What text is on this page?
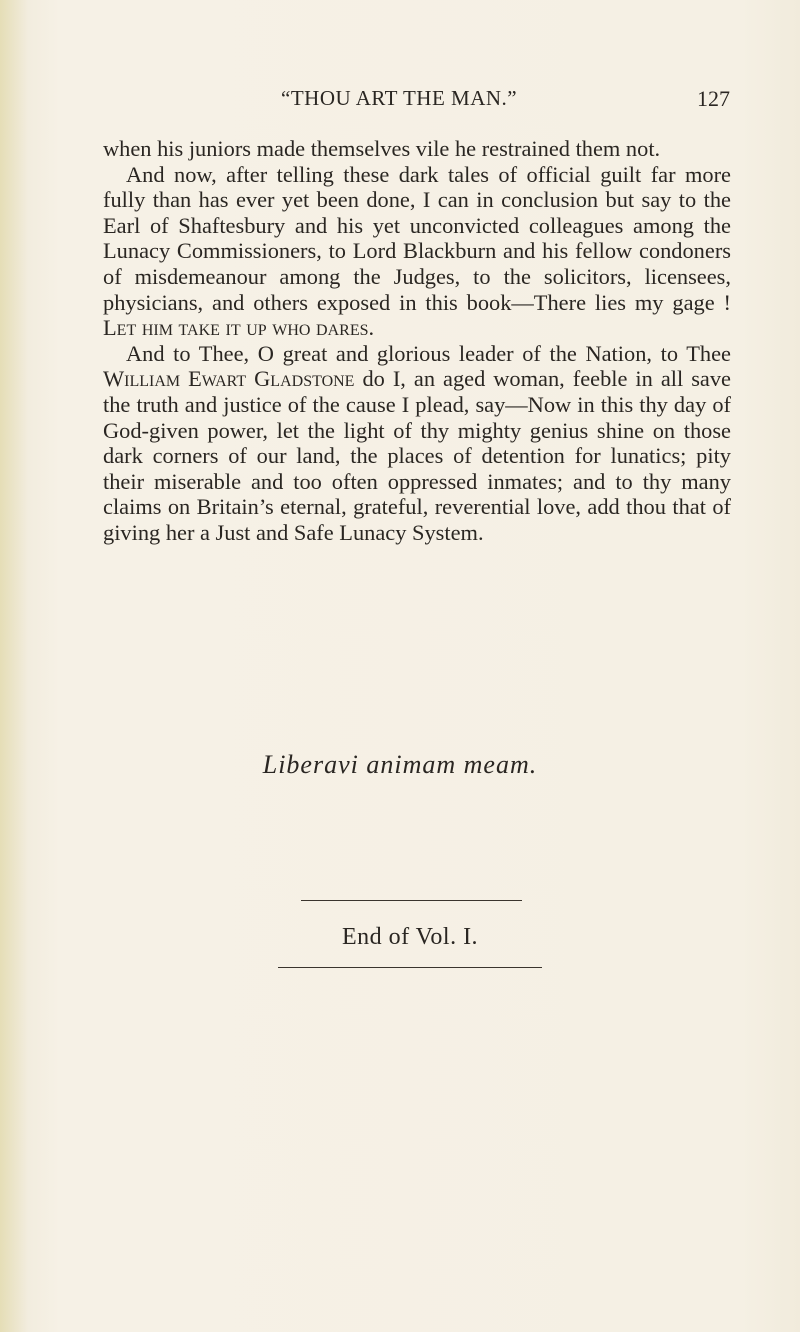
“THOU ART THE MAN.”	127

when his juniors made themselves vile he restrained them not.

And now, after telling these dark tales of official guilt far more fully than has ever yet been done, I can in conclusion but say to the Earl of Shaftesbury and his yet unconvicted colleagues among the Lunacy Commissioners, to Lord Blackburn and his fellow condoners of misdemeanour among the Judges, to the solicitors, licensees, physicians, and others exposed in this book—There lies my gage ! Let him take it up who dares.

And to Thee, O great and glorious leader of the Nation, to Thee William Ewart Gladstone do I, an aged woman, feeble in all save the truth and justice of the cause I plead, say—Now in this thy day of God-given power, let the light of thy mighty genius shine on those dark corners of our land, the places of detention for lunatics; pity their miserable and too often oppressed inmates; and to thy many claims on Britain’s eternal, grateful, reverential love, add thou that of giving her a Just and Safe Lunacy System.

Liberavi animam meam.
End of Vol. I.
